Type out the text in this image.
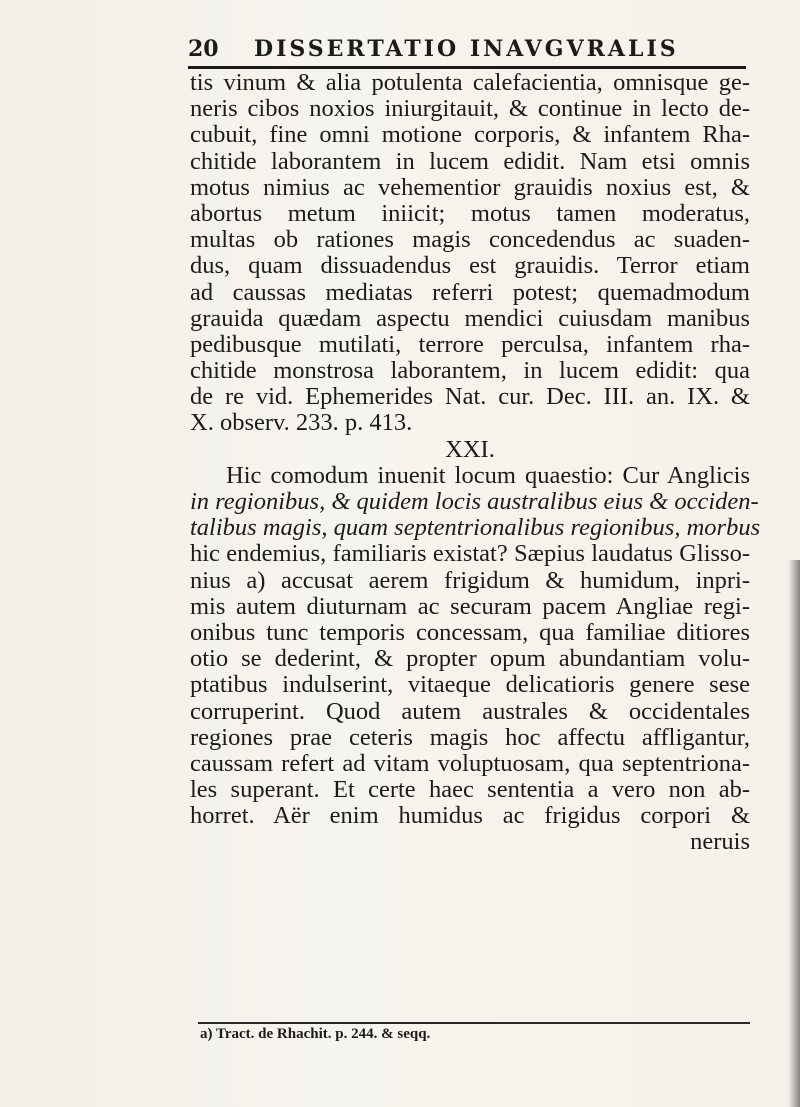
20 DISSERTATIO INAVGVRALIS
tis vinum & alia potulenta calefacientia, omnisque ge-
neris cibos noxios iniurgitauit, & continue in lecto de-
cubuit, fine omni motione corporis, & infantem Rha-
chitide laborantem in lucem edidit. Nam etsi omnis
motus nimius ac vehementior grauidis noxius est, &
abortus metum iniicit; motus tamen moderatus,
multas ob rationes magis concedendus ac suaden-
dus, quam dissuadendus est grauidis. Terror etiam
ad caussas mediatas referri potest; quemadmodum
grauida quædam aspectu mendici cuiusdam manibus
pedibusque mutilati, terrore perculsa, infantem rha-
chitide monstrosa laborantem, in lucem edidit: qua
de re vid. Ephemerides Nat. cur. Dec. III. an. IX. &
X. observ. 233. p. 413.
XXI.
Hic comodum inuenit locum quaestio: Cur Anglicis
in regionibus, & quidem locis australibus eius & occiden-
talibus magis, quam septentrionalibus regionibus, morbus
hic endemius, familiaris existat? Sæpius laudatus Glisso-
nius a) accusat aerem frigidum & humidum, inpri-
mis autem diuturnam ac securam pacem Angliae regi-
onibus tunc temporis concessam, qua familiae ditiores
otio se dederint, & propter opum abundantiam volu-
ptatibus indulserint, vitaeque delicatioris genere sese
corruperint. Quod autem australes & occidentales
regiones prae ceteris magis hoc affectu affligantur,
caussam refert ad vitam voluptuosam, qua septentriona-
les superant. Et certe haec sententia a vero non ab-
horret. Aër enim humidus ac frigidus corpori &
neruis
a) Tract. de Rhachit. p. 244. & seqq.
